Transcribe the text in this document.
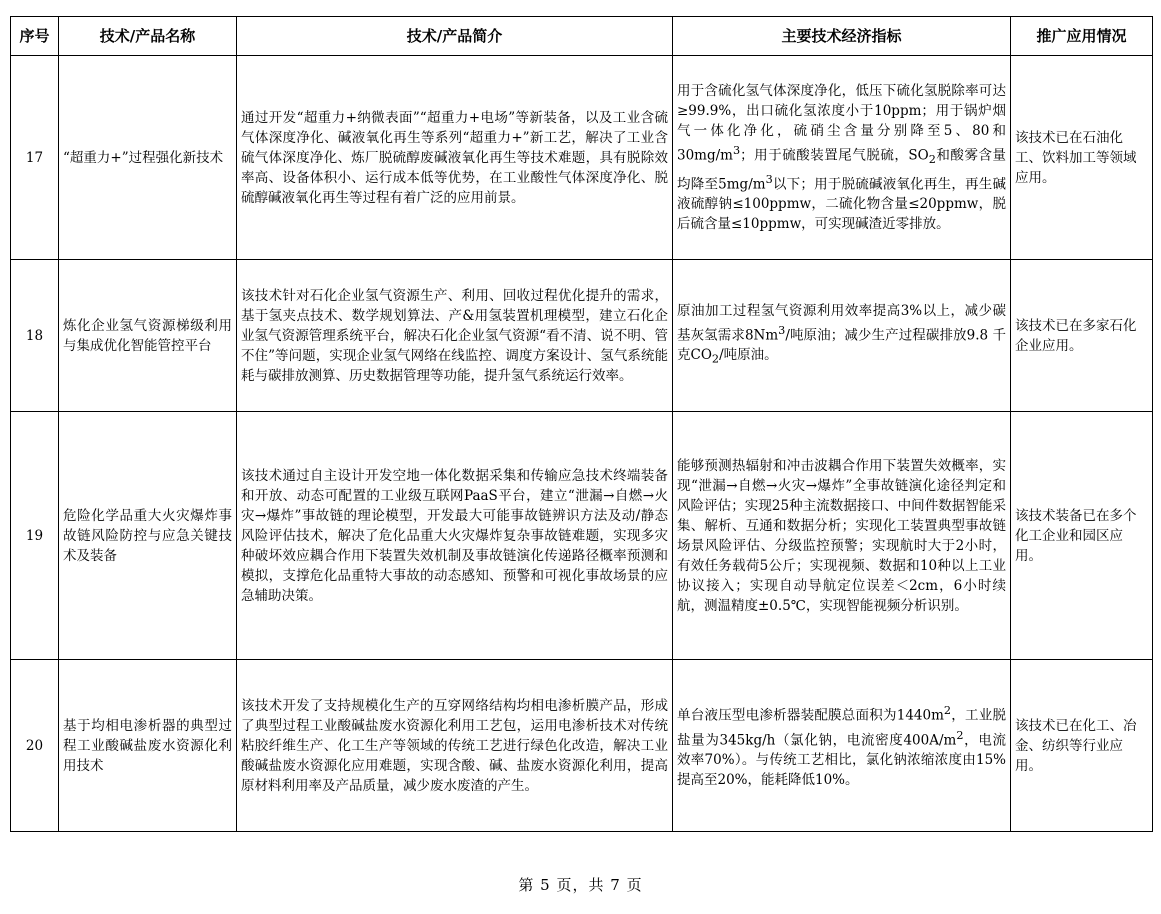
序号	技术/产品名称	技术/产品简介	主要技术经济指标	推广应用情况
17	“超重力+”过程强化新技术	通过开发“超重力+纳微表面”“超重力+电场”等新装备，以及工业含硫气体深度净化、碱液氧化再生等系列“超重力+”新工艺，解决了工业含硫气体深度净化、炼厂脱硫醇废碱液氧化再生等技术难题，具有脱除效率高、设备体积小、运行成本低等优势，在工业酸性气体深度净化、脱硫醇碱液氧化再生等过程有着广泛的应用前景。	用于含硫化氢气体深度净化，低压下硫化氢脱除率可达≥99.9%，出口硫化氢浓度小于10ppm；用于锅炉烟气一体化净化，硫硝尘含量分别降至5、80和$30mg/m^3$；用于硫酸装置尾气脱硫，$SO_2$和酸雾含量均降至$5mg/m^3$以下；用于脱硫碱液氧化再生，再生碱液硫醇钠≤100ppmw，二硫化物含量≤20ppmw，脱后硫含量≤10ppmw，可实现碱渣近零排放。	该技术已在石油化工、饮料加工等领域应用。
18	炼化企业氢气资源梯级利用与集成优化智能管控平台	该技术针对石化企业氢气资源生产、利用、回收过程优化提升的需求，基于氢夹点技术、数学规划算法、产&用氢装置机理模型，建立石化企业氢气资源管理系统平台，解决石化企业氢气资源“看不清、说不明、管不住”等问题，实现企业氢气网络在线监控、调度方案设计、氢气系统能耗与碳排放测算、历史数据管理等功能，提升氢气系统运行效率。	原油加工过程氢气资源利用效率提高3%以上，减少碳基灰氢需求8Nm$^3$/吨原油；减少生产过程碳排放9.8 千克$CO_2/$吨原油。	该技术已在多家石化企业应用。
19	危险化学品重大火灾爆炸事故链风险防控与应急关键技术及装备	该技术通过自主设计开发空地一体化数据采集和传输应急技术终端装备和开放、动态可配置的工业级互联网PaaS平台，建立“泄漏→自燃→火灾→爆炸”事故链的理论模型，开发最大可能事故链辨识方法及动/静态风险评估技术，解决了危化品重大火灾爆炸复杂事故链难题，实现多灾种破坏效应耦合作用下装置失效机制及事故链演化传递路径概率预测和模拟，支撑危化品重特大事故的动态感知、预警和可视化事故场景的应急辅助决策。	能够预测热辐射和冲击波耦合作用下装置失效概率，实现“泄漏→自燃→火灾→爆炸”全事故链演化途径判定和风险评估；实现25种主流数据接口、中间件数据智能采集、解析、互通和数据分析；实现化工装置典型事故链场景风险评估、分级监控预警；实现航时大于2小时，有效任务载荷5公斤；实现视频、数据和10种以上工业协议接入；实现自动导航定位误差＜2cm，6小时续航，测温精度±0.5℃，实现智能视频分析识别。	该技术装备已在多个化工企业和园区应用。
20	基于均相电渗析器的典型过程工业酸碱盐废水资源化利用技术	该技术开发了支持规模化生产的互穿网络结构均相电渗析膜产品，形成了典型过程工业酸碱盐废水资源化利用工艺包，运用电渗析技术对传统粘胶纤维生产、化工生产等领域的传统工艺进行绿色化改造，解决工业酸碱盐废水资源化应用难题，实现含酸、碱、盐废水资源化利用，提高原材料利用率及产品质量，减少废水废渣的产生。	单台液压型电渗析器装配膜总面积为$1440m^2$，工业脱盐量为345kg/h（氯化钠，电流密度$400A/m^2$，电流效率70%）。与传统工艺相比，氯化钠浓缩浓度由15%提高至20%，能耗降低10%。	该技术已在化工、冶金、纺织等行业应用。
第 5 页，共 7 页
